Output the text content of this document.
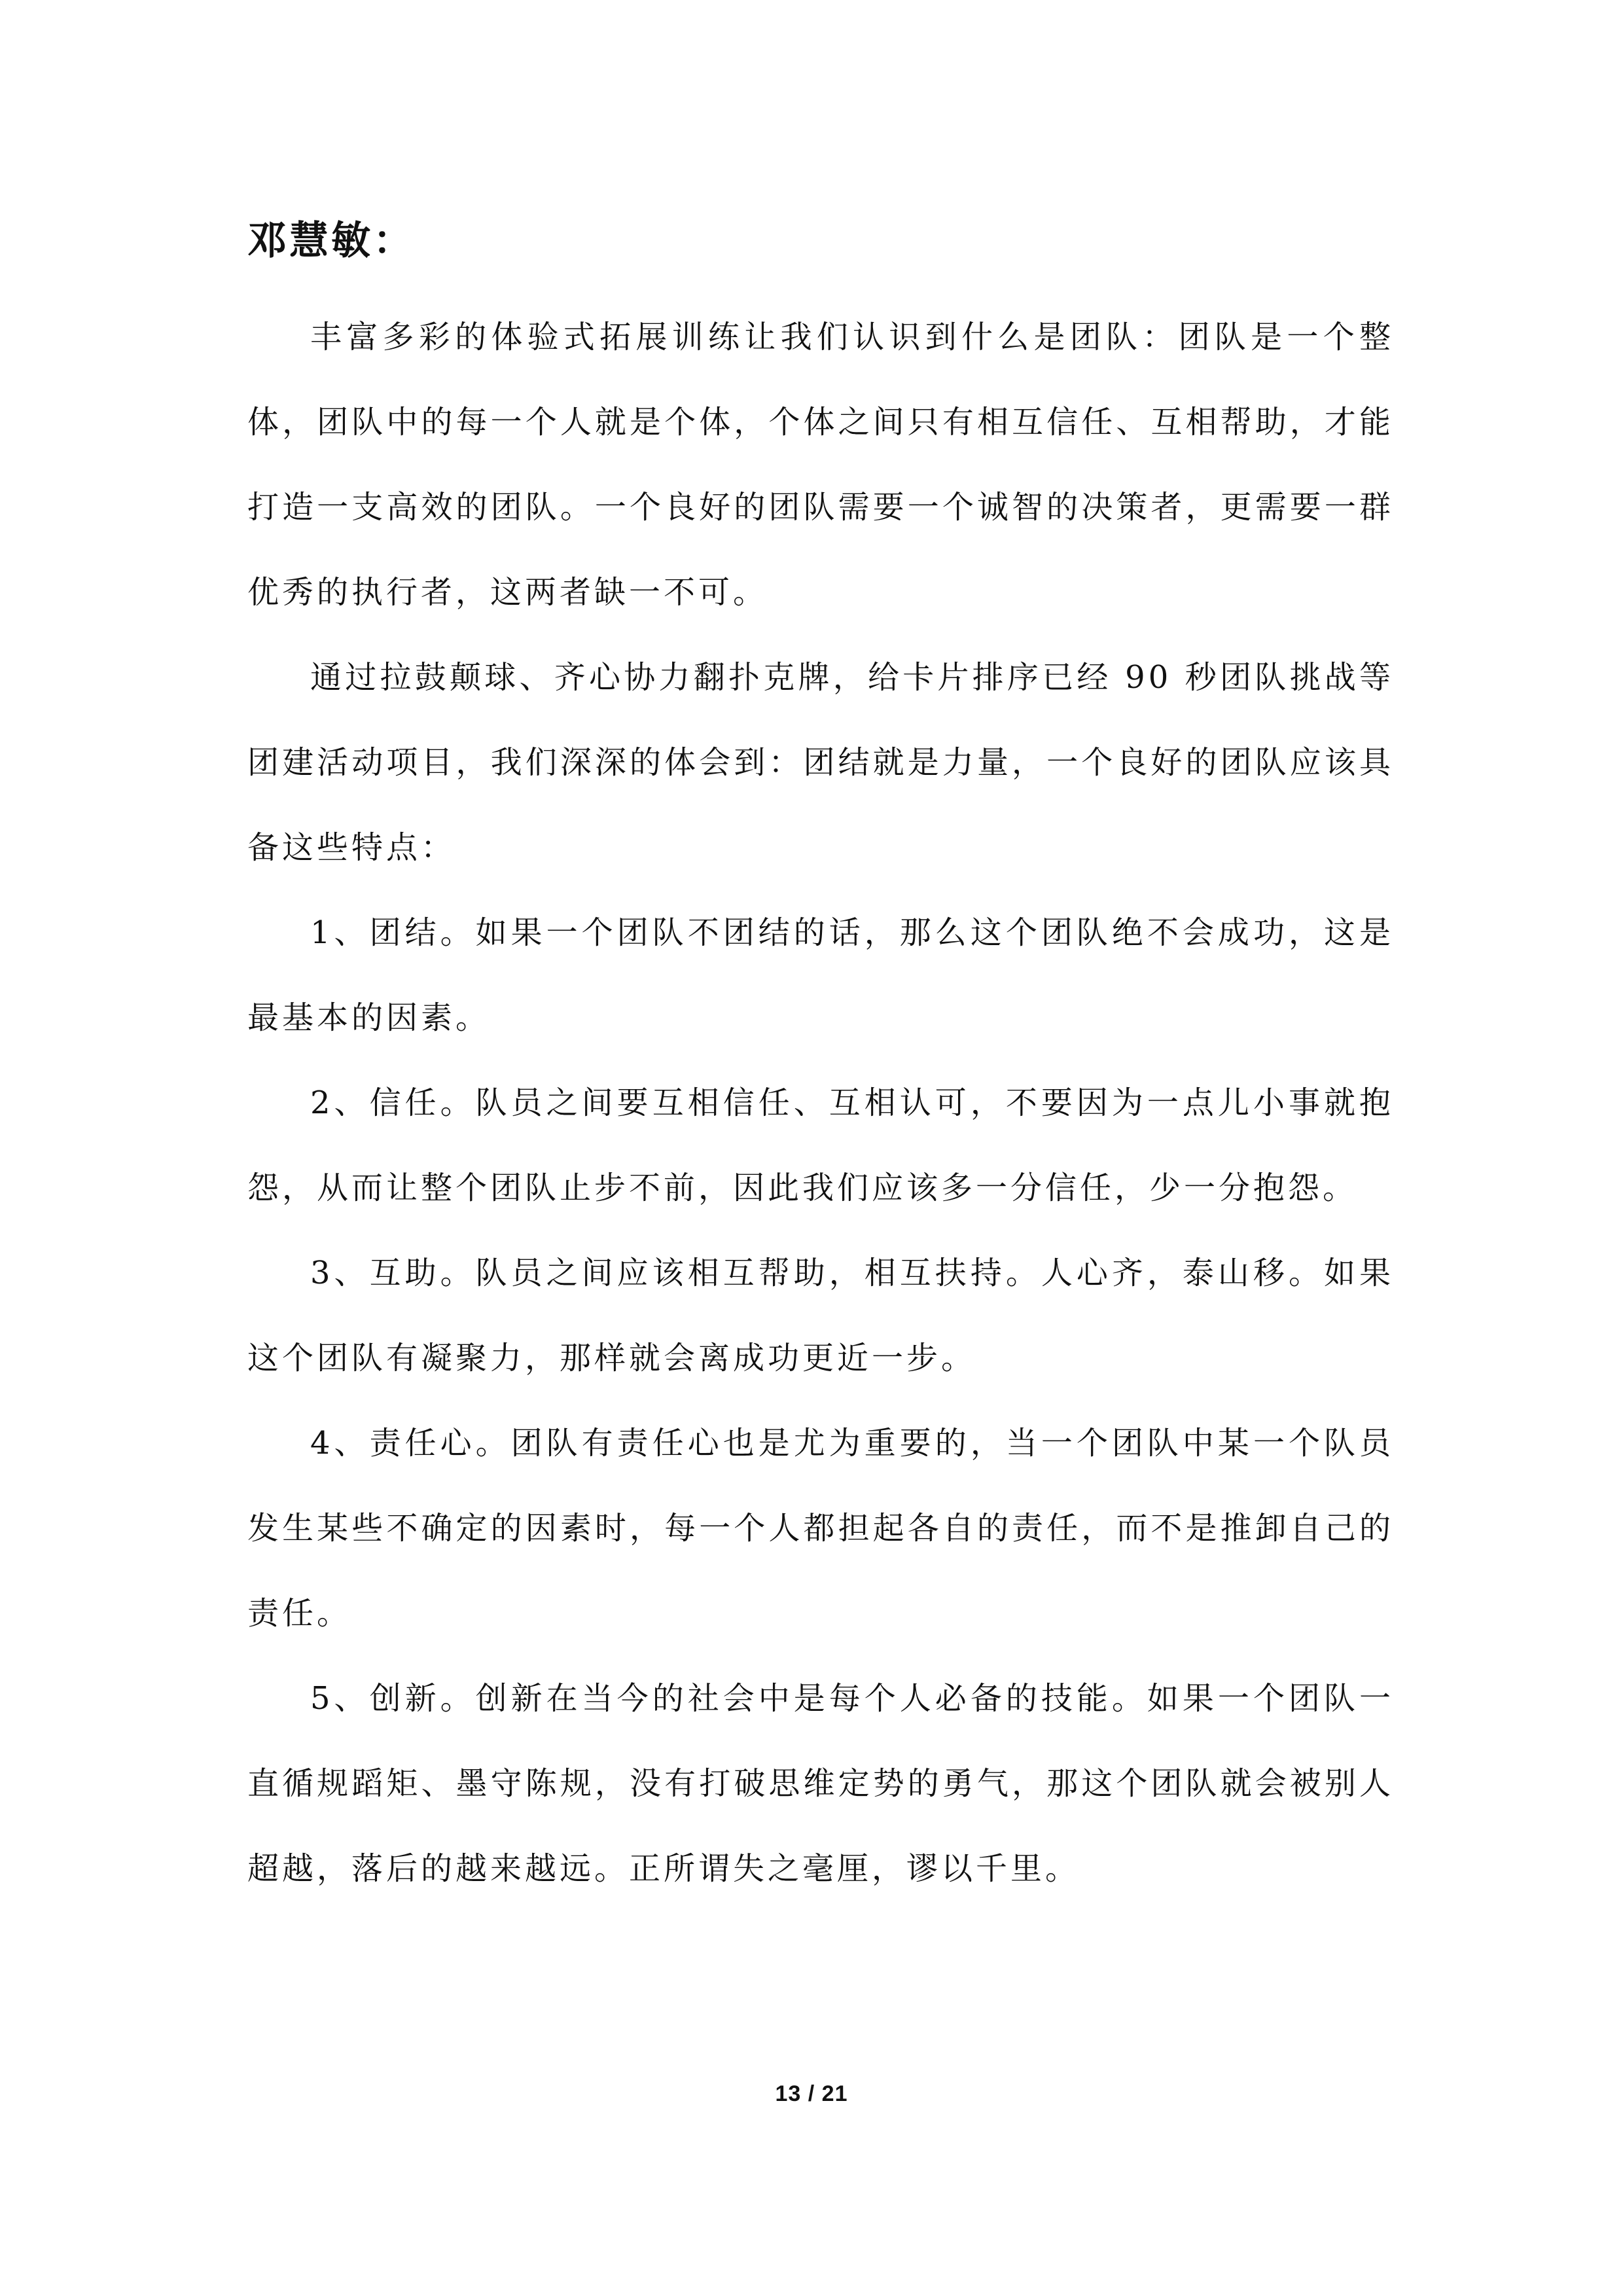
邓慧敏：

丰富多彩的体验式拓展训练让我们认识到什么是团队：团队是一个整体，团队中的每一个人就是个体，个体之间只有相互信任、互相帮助，才能打造一支高效的团队。一个良好的团队需要一个诚智的决策者，更需要一群优秀的执行者，这两者缺一不可。

通过拉鼓颠球、齐心协力翻扑克牌，给卡片排序已经 90 秒团队挑战等团建活动项目，我们深深的体会到：团结就是力量，一个良好的团队应该具备这些特点：

1、团结。如果一个团队不团结的话，那么这个团队绝不会成功，这是最基本的因素。

2、信任。队员之间要互相信任、互相认可，不要因为一点儿小事就抱怨，从而让整个团队止步不前，因此我们应该多一分信任，少一分抱怨。

3、互助。队员之间应该相互帮助，相互扶持。人心齐，泰山移。如果这个团队有凝聚力，那样就会离成功更近一步。

4、责任心。团队有责任心也是尤为重要的，当一个团队中某一个队员发生某些不确定的因素时，每一个人都担起各自的责任，而不是推卸自己的责任。

5、创新。创新在当今的社会中是每个人必备的技能。如果一个团队一直循规蹈矩、墨守陈规，没有打破思维定势的勇气，那这个团队就会被别人超越，落后的越来越远。正所谓失之毫厘，谬以千里。

13 / 21
